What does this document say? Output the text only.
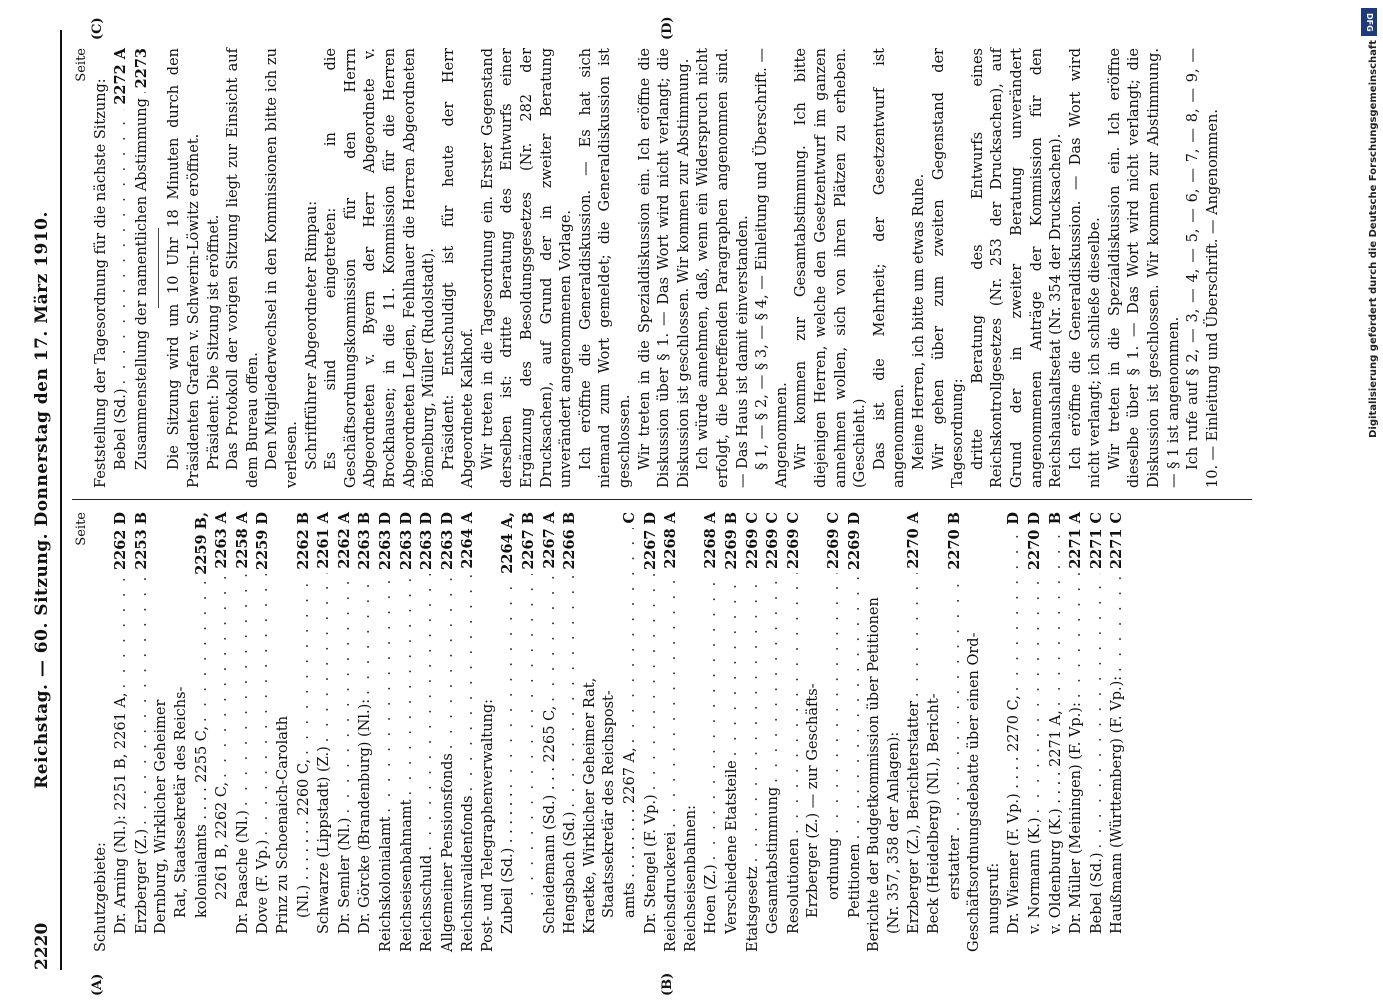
2220
Reichstag. — 60. Sitzung. Donnerstag den 17. März 1910.
(A)	(B)
(C)	(D)
Seite
Schutzgebiete: Dr. Arning (Nl.): 2251 B, 2261 A,
. . .
2262 D
Erzberger (Z.)
. . .
2253 B
Dernburg, Wirklicher Geheimer Rat, Staatssekretär des Reichs- kolonialamts . . . . 2255 C,
. . .
2259 B,
2261 B, 2262 C,
. . .
2263 A
Dr. Paasche (Nl.)
. . .
2258 A
Dove (F. Vp.)
. . .
2259 D
Prinz zu Schoenaich-Carolath (Nl.) . . . . . . . 2260 C,
. . .
2262 B
Schwarze (Lippstadt) (Z.)
. . .
2261 A
Dr. Semler (Nl.)
. . .
2262 A
Dr. Görcke (Brandenburg) (Nl.):
. . .
2263 B
Reichskolonialamt
. . .
2263 D
Reichseisenbahnamt
. . .
2263 D
Reichsschuld
. . .
2263 D
Allgemeiner Pensionsfonds
. . .
2263 D
Reichsinvalidenfonds
. . .
2264 A
Post- und Telegraphenverwaltung: Zubeil (Sd.) . . . . . .
. . .
2264 A,
. . . 2267 B
Scheidemann (Sd.) . . . 2265 C,
. . .
2267 A
Hengsbach (Sd.)
. . .
2266 B
Kraetke, Wirklicher Geheimer Rat, Staatssekretär des Reichspost- amts . . . . . . . . 2267 A,
. . .
C
Dr. Stengel (F. Vp.)
. . .
2267 D
Reichsdruckerei
. . .
2268 A
Reichseisenbahnen: Hoen (Z.)
. . .
2268 A
Verschiedene Etatsteile
. . .
2269 B
Etatsgesetz
. . .
2269 C
Gesamtabstimmung
. . .
2269 C
Resolutionen
. . .
2269 C
Erzberger (Z.) — zur Geschäfts- ordnung
. . .
2269 C
Petitionen
. . .
2269 D
Berichte der Budgetkommission über Petitionen (Nr. 357, 358 der Anlagen): Erzberger (Z.), Berichterstatter
. . .
2270 A
Beck (Heidelberg) (Nl.), Bericht- erstatter
. . .
2270 B
Geschäftsordnungsdebatte über einen Ord- nungsruf: Dr. Wiemer (F. Vp.) . . . . 2270 C,
. . .
D
v. Normann (K.)
. . .
2270 D
v. Oldenburg (K.) . . . . 2271 A,
. . .
B
Dr. Müller (Meiningen) (F. Vp.):
. . .
2271 A
Bebel (Sd.)
. . .
2271 C
Haußmann (Württemberg) (F. Vp.):
. . .
2271 C
Seite
Feststellung der Tagesordnung für die nächste Sitzung: Bebel (Sd.)
. . .
2272 A
Zusammenstellung der namentlichen Abstimmung
. . .
2273 Die Sitzung wird um 10 Uhr 18 Minuten durch den Präsidenten Grafen v. Schwerin-Löwitz eröffnet. Präsident: Die Sitzung ist eröffnet. Das Protokoll der vorigen Sitzung liegt zur Einsicht auf dem Bureau offen. Den Mitgliederwechsel in den Kommissionen bitte ich zu verlesen. Schriftführer Abgeordneter Rimpau: Es sind eingetreten: in die Geschäftsordnungskommission für den Herrn Abgeordneten v. Byern der Herr Abgeordnete v. Brockhausen; in die 11. Kommission für die Herren Abgeordneten Legien, Fehlhauer die Herren Abgeordneten Bömelburg, Müller (Rudolstadt). Präsident: Entschuldigt ist für heute der Herr Abgeordnete Kalkhof. Wir treten in die Tagesordnung ein. Erster Gegenstand derselben ist: dritte Beratung des Entwurfs einer Ergänzung des Besoldungsgesetzes (Nr. 282 der Drucksachen), auf Grund der in zweiter Beratung unverändert angenommenen Vorlage. Ich eröffne die Generaldiskussion. — Es hat sich niemand zum Wort gemeldet; die Generaldiskussion ist geschlossen. Wir treten in die Spezialdiskussion ein. Ich eröffne die Diskussion über § 1. — Das Wort wird nicht verlangt; die Diskussion ist geschlossen. Wir kommen zur Abstimmung. Ich würde annehmen, daß, wenn ein Widerspruch nicht erfolgt, die betreffenden Paragraphen angenommen sind. — Das Haus ist damit einverstanden. § 1, — § 2, — § 3, — § 4, — Einleitung und Überschrift. — Angenommen. Wir kommen zur Gesamtabstimmung. Ich bitte diejenigen Herren, welche den Gesetzentwurf im ganzen annehmen wollen, sich von ihren Plätzen zu erheben. (Geschieht.) Das ist die Mehrheit; der Gesetzentwurf ist angenommen. Meine Herren, ich bitte um etwas Ruhe. Wir gehen über zum zweiten Gegenstand der Tagesordnung: dritte Beratung des Entwurfs eines Reichskontrollgesetzes (Nr. 253 der Drucksachen), auf Grund der in zweiter Beratung unverändert angenommenen Anträge der Kommission für den Reichshaushaltsetat (Nr. 354 der Drucksachen). Ich eröffne die Generaldiskussion. — Das Wort wird nicht verlangt; ich schließe dieselbe. Wir treten in die Spezialdiskussion ein. Ich eröffne dieselbe über § 1. — Das Wort wird nicht verlangt; die Diskussion ist geschlossen. Wir kommen zur Abstimmung. — § 1 ist angenommen. Ich rufe auf § 2, — 3, — 4, — 5, — 6, — 7, — 8, — 9, — 10. — Einleitung und Überschrift. — Angenommen.

DFG
Digitalisierung gefördert durch die Deutsche Forschungsgemeinschaft
